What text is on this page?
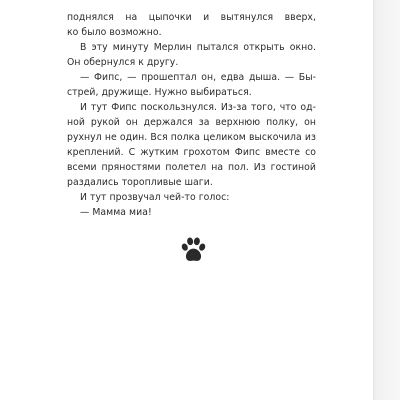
поднялся на цыпочки и вытянулся вверх,
ко было возможно.
В эту минуту Мерлин пытался открыть окно.
Он обернулся к другу.
— Фипс, — прошептал он, едва дыша. — Бы-
стрей, дружище. Нужно выбираться.
И тут Фипс поскользнулся. Из-за того, что од-
ной рукой он держался за верхнюю полку, он
рухнул не один. Вся полка целиком выскочила из
креплений. С жутким грохотом Фипс вместе со
всеми пряностями полетел на пол. Из гостиной
раздались торопливые шаги.
И тут прозвучал чей-то голос:
— Мамма миа!
